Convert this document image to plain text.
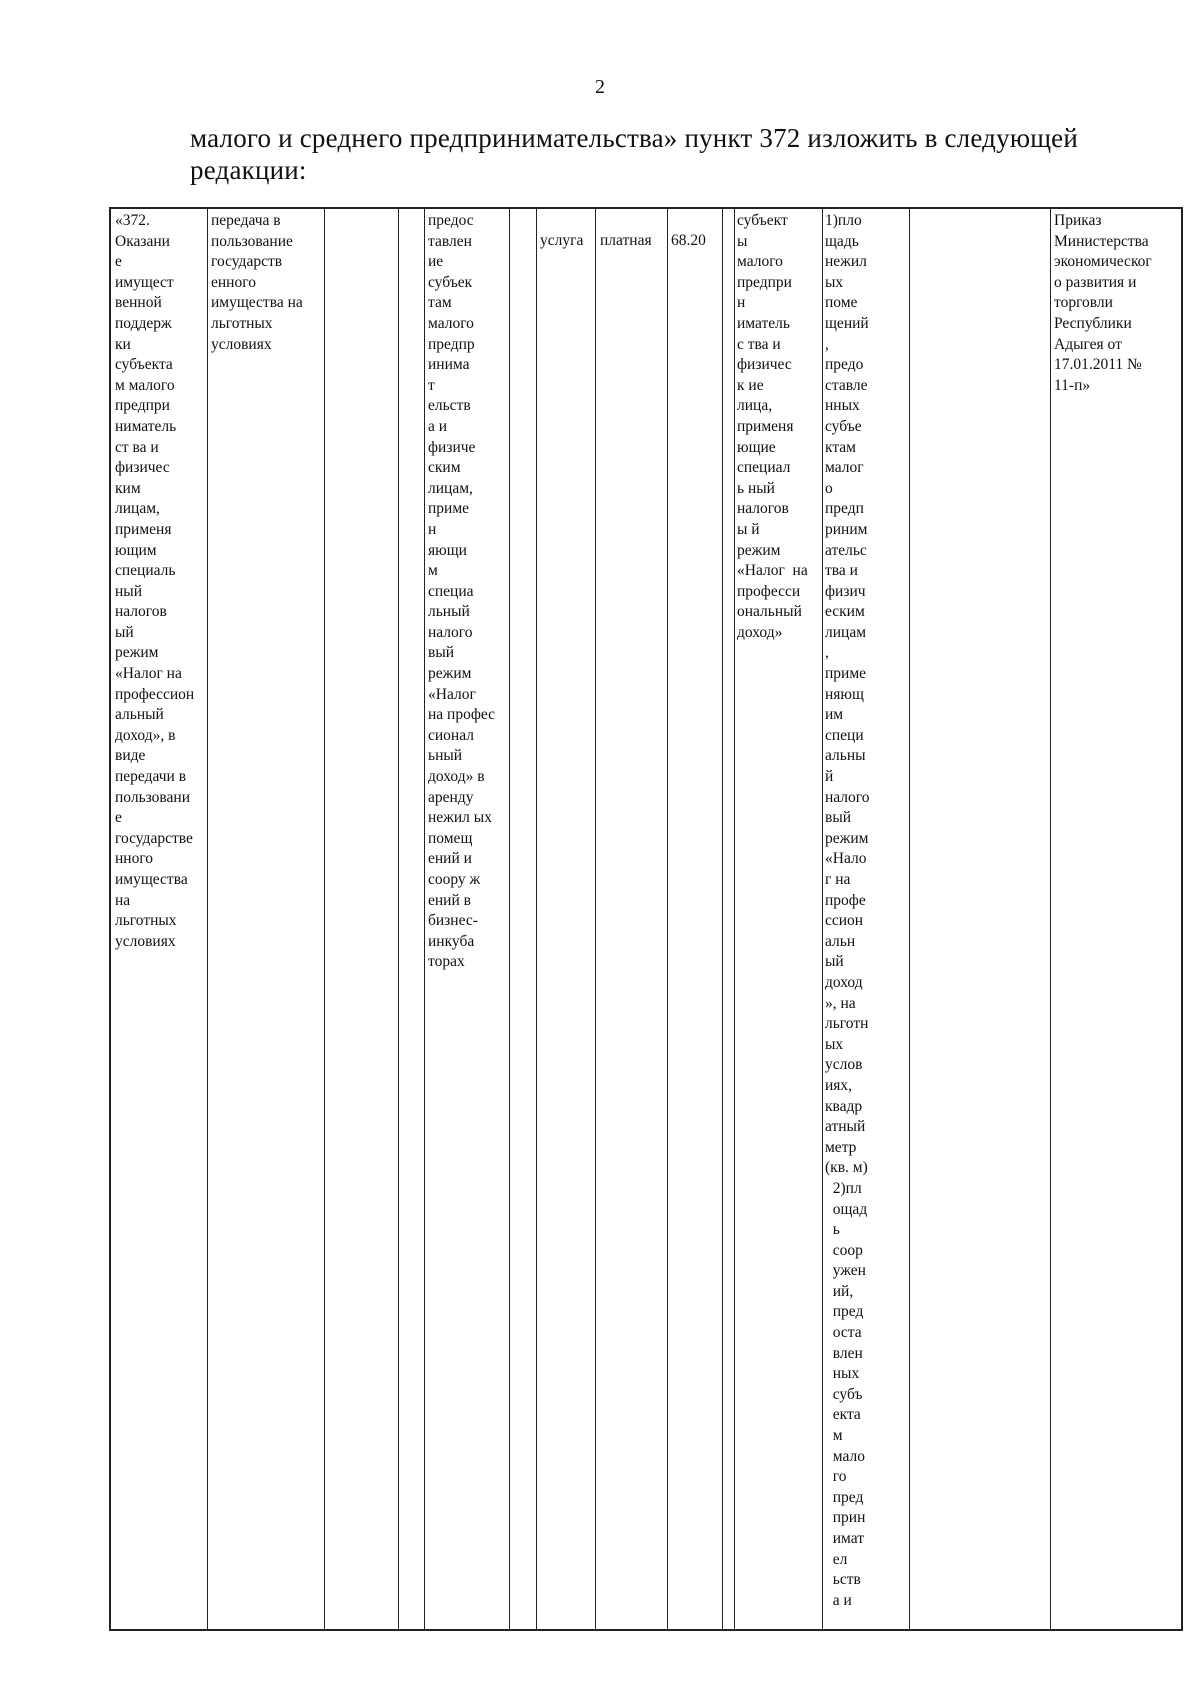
2
малого и среднего предпринимательства» пункт 372 изложить в следующей
редакции:
«372.
Оказани
е
имущест
венной
поддерж
ки
субъекта
м малого
предпри
ниматель
ст ва и
физичес
ким
лицам,
применя
ющим
специаль
ный
налогов
ый
режим
«Налог на
профессион
альный
доход», в
виде
передачи в
пользовани
е
государстве
нного
имущества
на
льготных
условиях
передача в
пользование
государств
енного
имущества на
льготных
условиях
предос
тавлен
ие
субъек
там
малого
предпр
инима
т
ельств
а и
физиче
ским
лицам,
приме
н
яющи
м
специа
льный
налого
вый
режим
«Налог
на профес
сионал
ьный
доход» в
аренду
нежил ых
помещ
ений и
соору ж
ений в
бизнес-
инкуба
торах
услуга платная 68.20
субъект
ы
малого
предпри
н
иматель
с тва и
физичес
к ие
лица,
применя
ющие
специал
ь ный
налогов
ы й
режим
«Налог  на
професси
ональный
доход»
1)пло
щадь
нежил
ых
поме
щений
,
предо
ставле
нных
субъе
ктам
малог
о
предп
риним
ательс
тва и
физич
еским
лицам
,
приме
няющ
им
специ
альны
й
налого
вый
режим
«Нало
г на
профе
ссион
альн
ый
доход
», на
льготн
ых
услов
иях,
квадр
атный
метр
(кв. м)
2)пл
ощад
ь
соор
ужен
ий,
пред
оста
влен
ных
субъ
екта
м
мало
го
пред
прин
имат
ел
ьств
а и
Приказ
Министерства
экономическог
о развития и
торговли
Республики
Адыгея от
17.01.2011 №
11-п»
